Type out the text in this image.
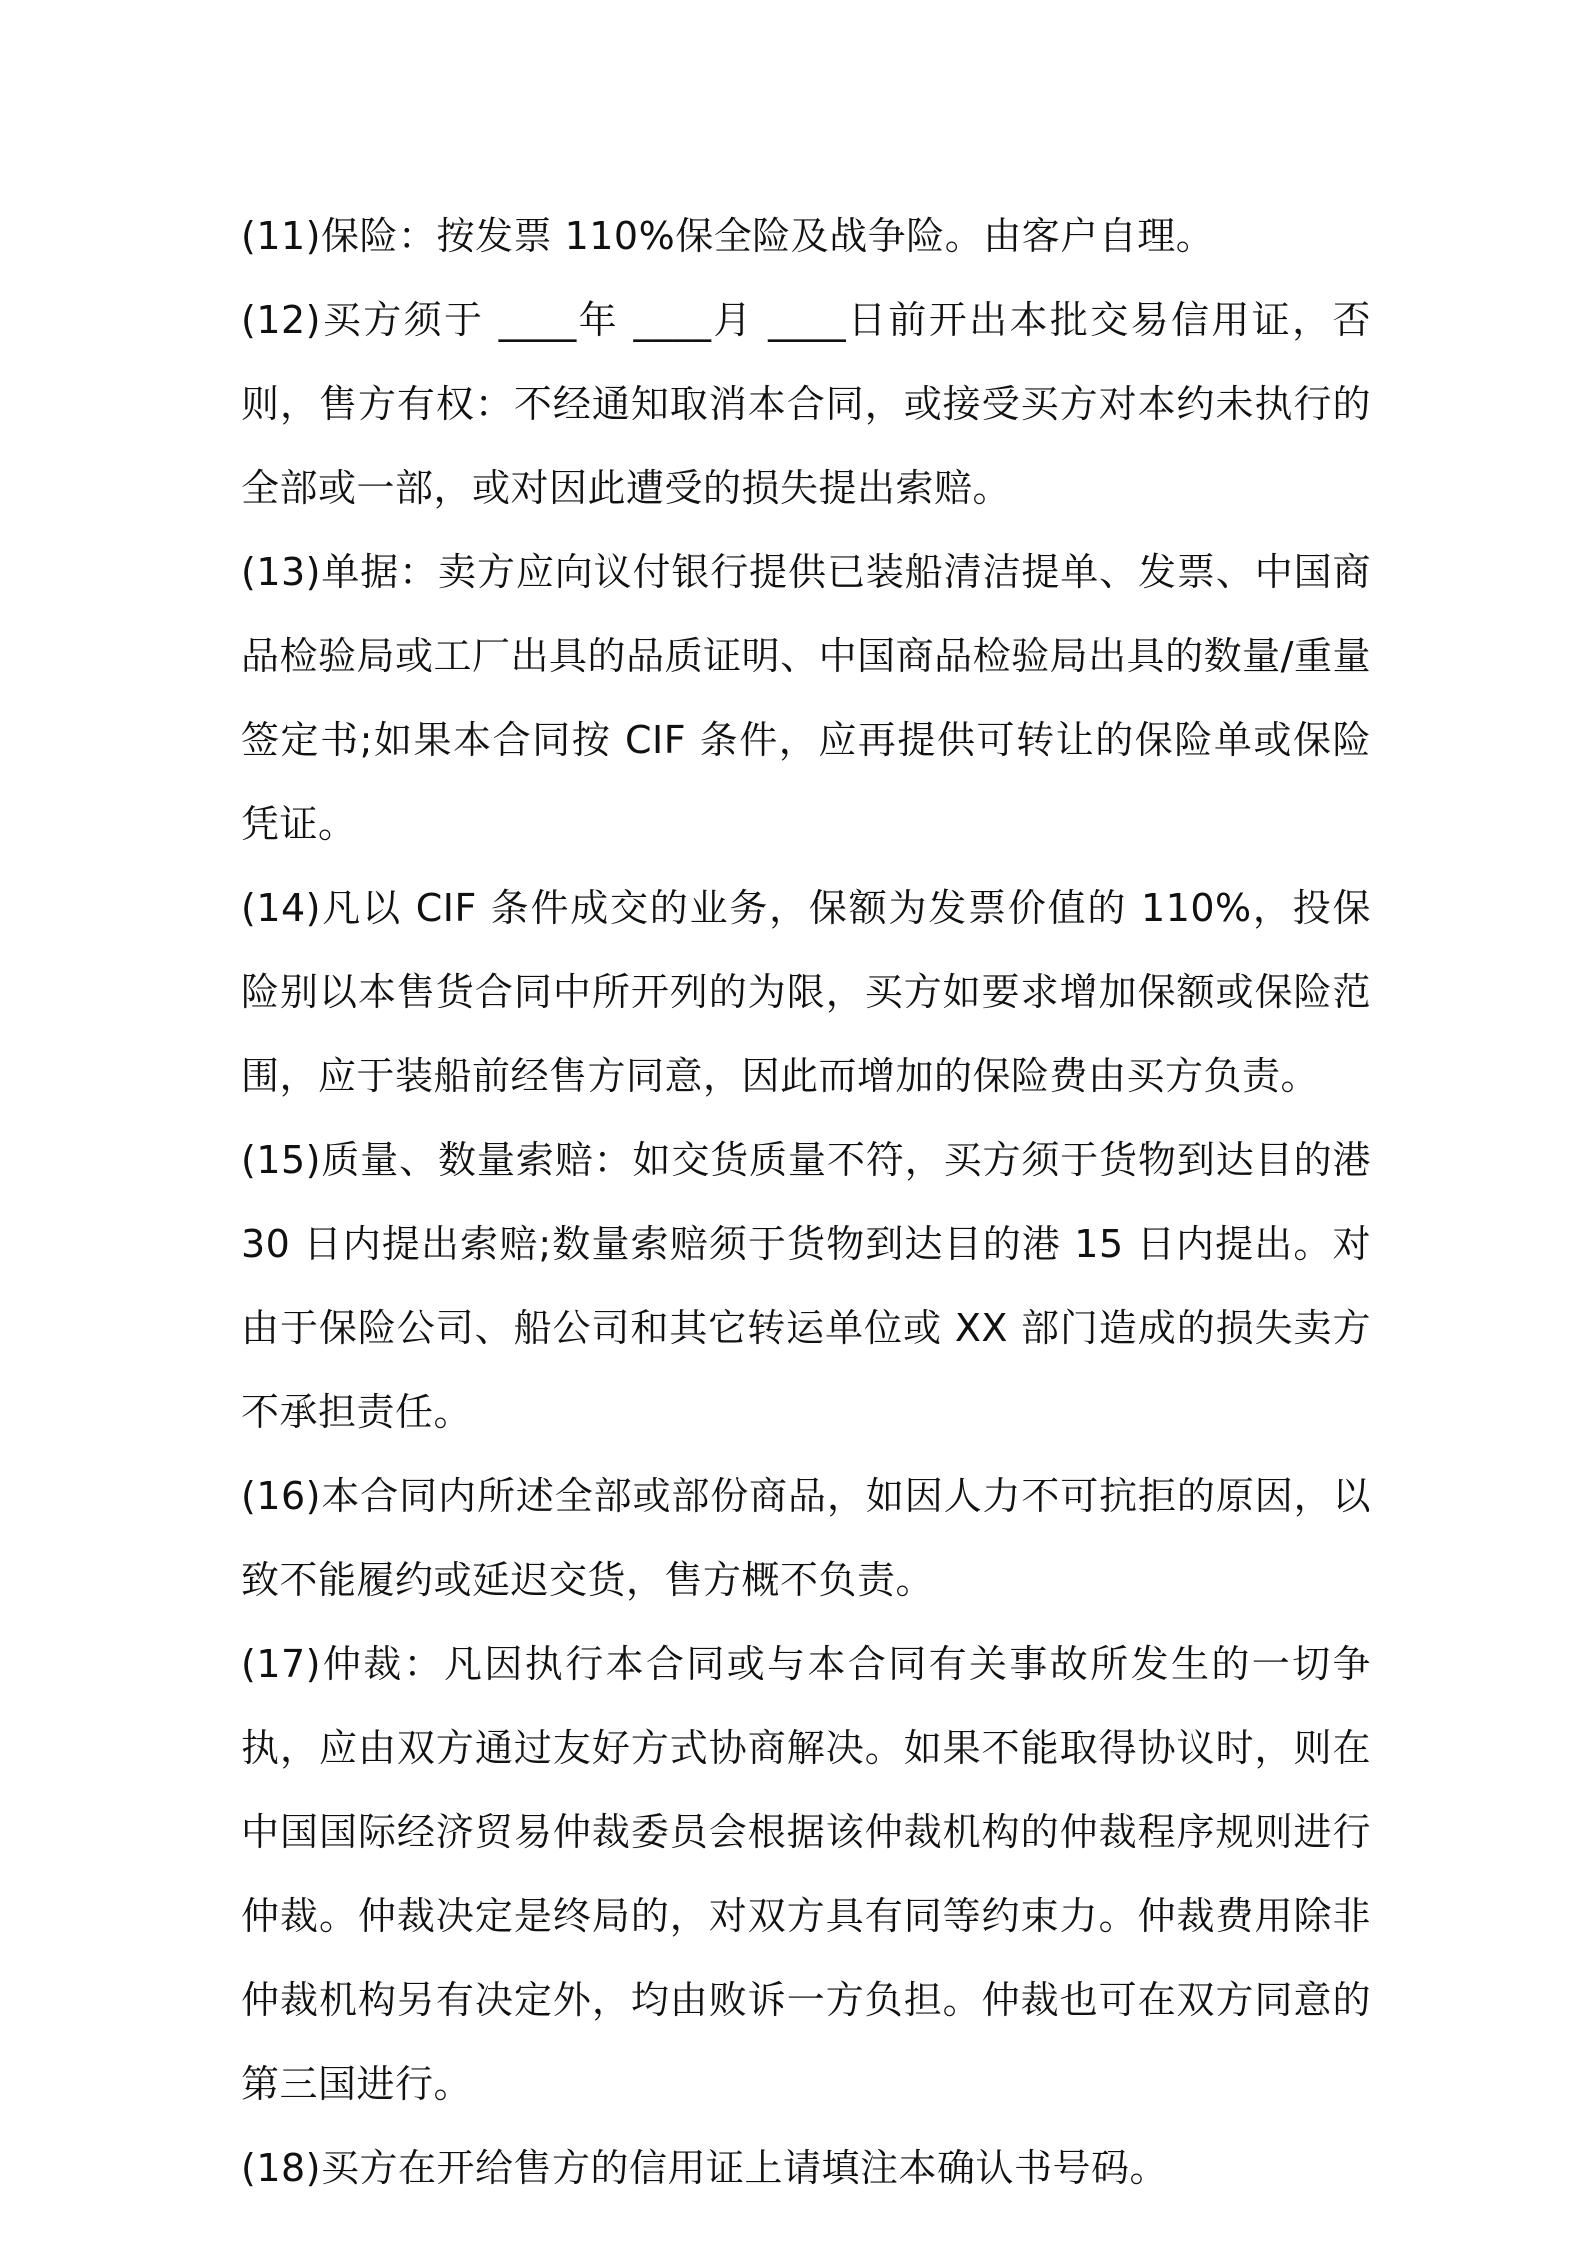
(11)保险：按发票 110%保全险及战争险。由客户自理。

(12)买方须于 ____年 ____月 ____日前开出本批交易信用证，否则，售方有权：不经通知取消本合同，或接受买方对本约未执行的全部或一部，或对因此遭受的损失提出索赔。

(13)单据：卖方应向议付银行提供已装船清洁提单、发票、中国商品检验局或工厂出具的品质证明、中国商品检验局出具的数量/重量签定书;如果本合同按 CIF 条件，应再提供可转让的保险单或保险凭证。

(14)凡以 CIF 条件成交的业务，保额为发票价值的 110%，投保险别以本售货合同中所开列的为限，买方如要求增加保额或保险范围，应于装船前经售方同意，因此而增加的保险费由买方负责。

(15)质量、数量索赔：如交货质量不符，买方须于货物到达目的港 30 日内提出索赔;数量索赔须于货物到达目的港 15 日内提出。对由于保险公司、船公司和其它转运单位或 XX 部门造成的损失卖方不承担责任。

(16)本合同内所述全部或部份商品，如因人力不可抗拒的原因，以致不能履约或延迟交货，售方概不负责。

(17)仲裁：凡因执行本合同或与本合同有关事故所发生的一切争执，应由双方通过友好方式协商解决。如果不能取得协议时，则在中国国际经济贸易仲裁委员会根据该仲裁机构的仲裁程序规则进行仲裁。仲裁决定是终局的，对双方具有同等约束力。仲裁费用除非仲裁机构另有决定外，均由败诉一方负担。仲裁也可在双方同意的第三国进行。

(18)买方在开给售方的信用证上请填注本确认书号码。
